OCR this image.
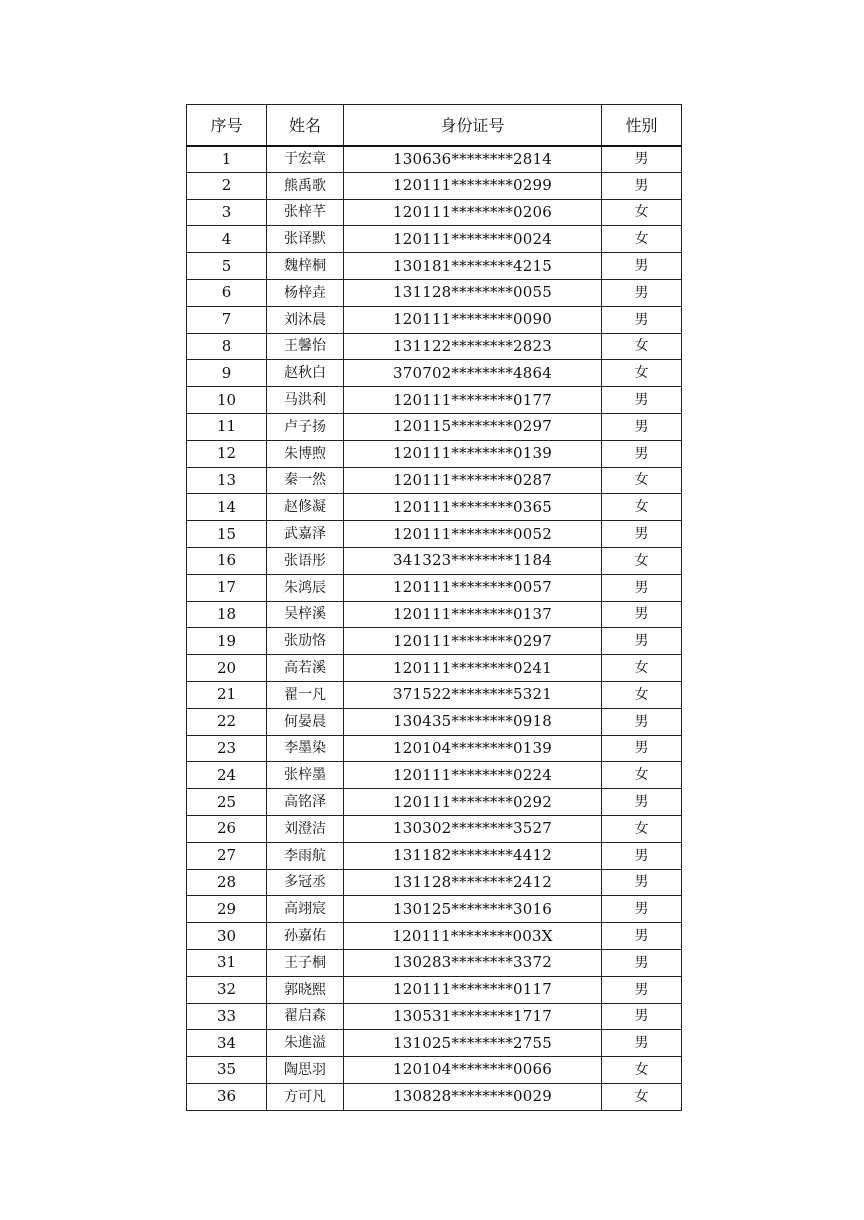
序号	姓名	身份证号	性别
1	于宏章	130636********2814	男
2	熊禹歌	120111********0299	男
3	张梓芊	120111********0206	女
4	张译默	120111********0024	女
5	魏梓桐	130181********4215	男
6	杨梓垚	131128********0055	男
7	刘沐晨	120111********0090	男
8	王馨怡	131122********2823	女
9	赵秋白	370702********4864	女
10	马洪利	120111********0177	男
11	卢子扬	120115********0297	男
12	朱博煦	120111********0139	男
13	秦一然	120111********0287	女
14	赵修凝	120111********0365	女
15	武嘉泽	120111********0052	男
16	张语彤	341323********1184	女
17	朱鸿辰	120111********0057	男
18	吴梓溪	120111********0137	男
19	张劢恪	120111********0297	男
20	高若溪	120111********0241	女
21	翟一凡	371522********5321	女
22	何晏晨	130435********0918	男
23	李墨染	120104********0139	男
24	张梓墨	120111********0224	女
25	高铭泽	120111********0292	男
26	刘澄洁	130302********3527	女
27	李雨航	131182********4412	男
28	多冠丞	131128********2412	男
29	高翊宸	130125********3016	男
30	孙嘉佑	120111********003X	男
31	王子桐	130283********3372	男
32	郭晓熙	120111********0117	男
33	翟启森	130531********1717	男
34	朱進溢	131025********2755	男
35	陶思羽	120104********0066	女
36	方可凡	130828********0029	女
